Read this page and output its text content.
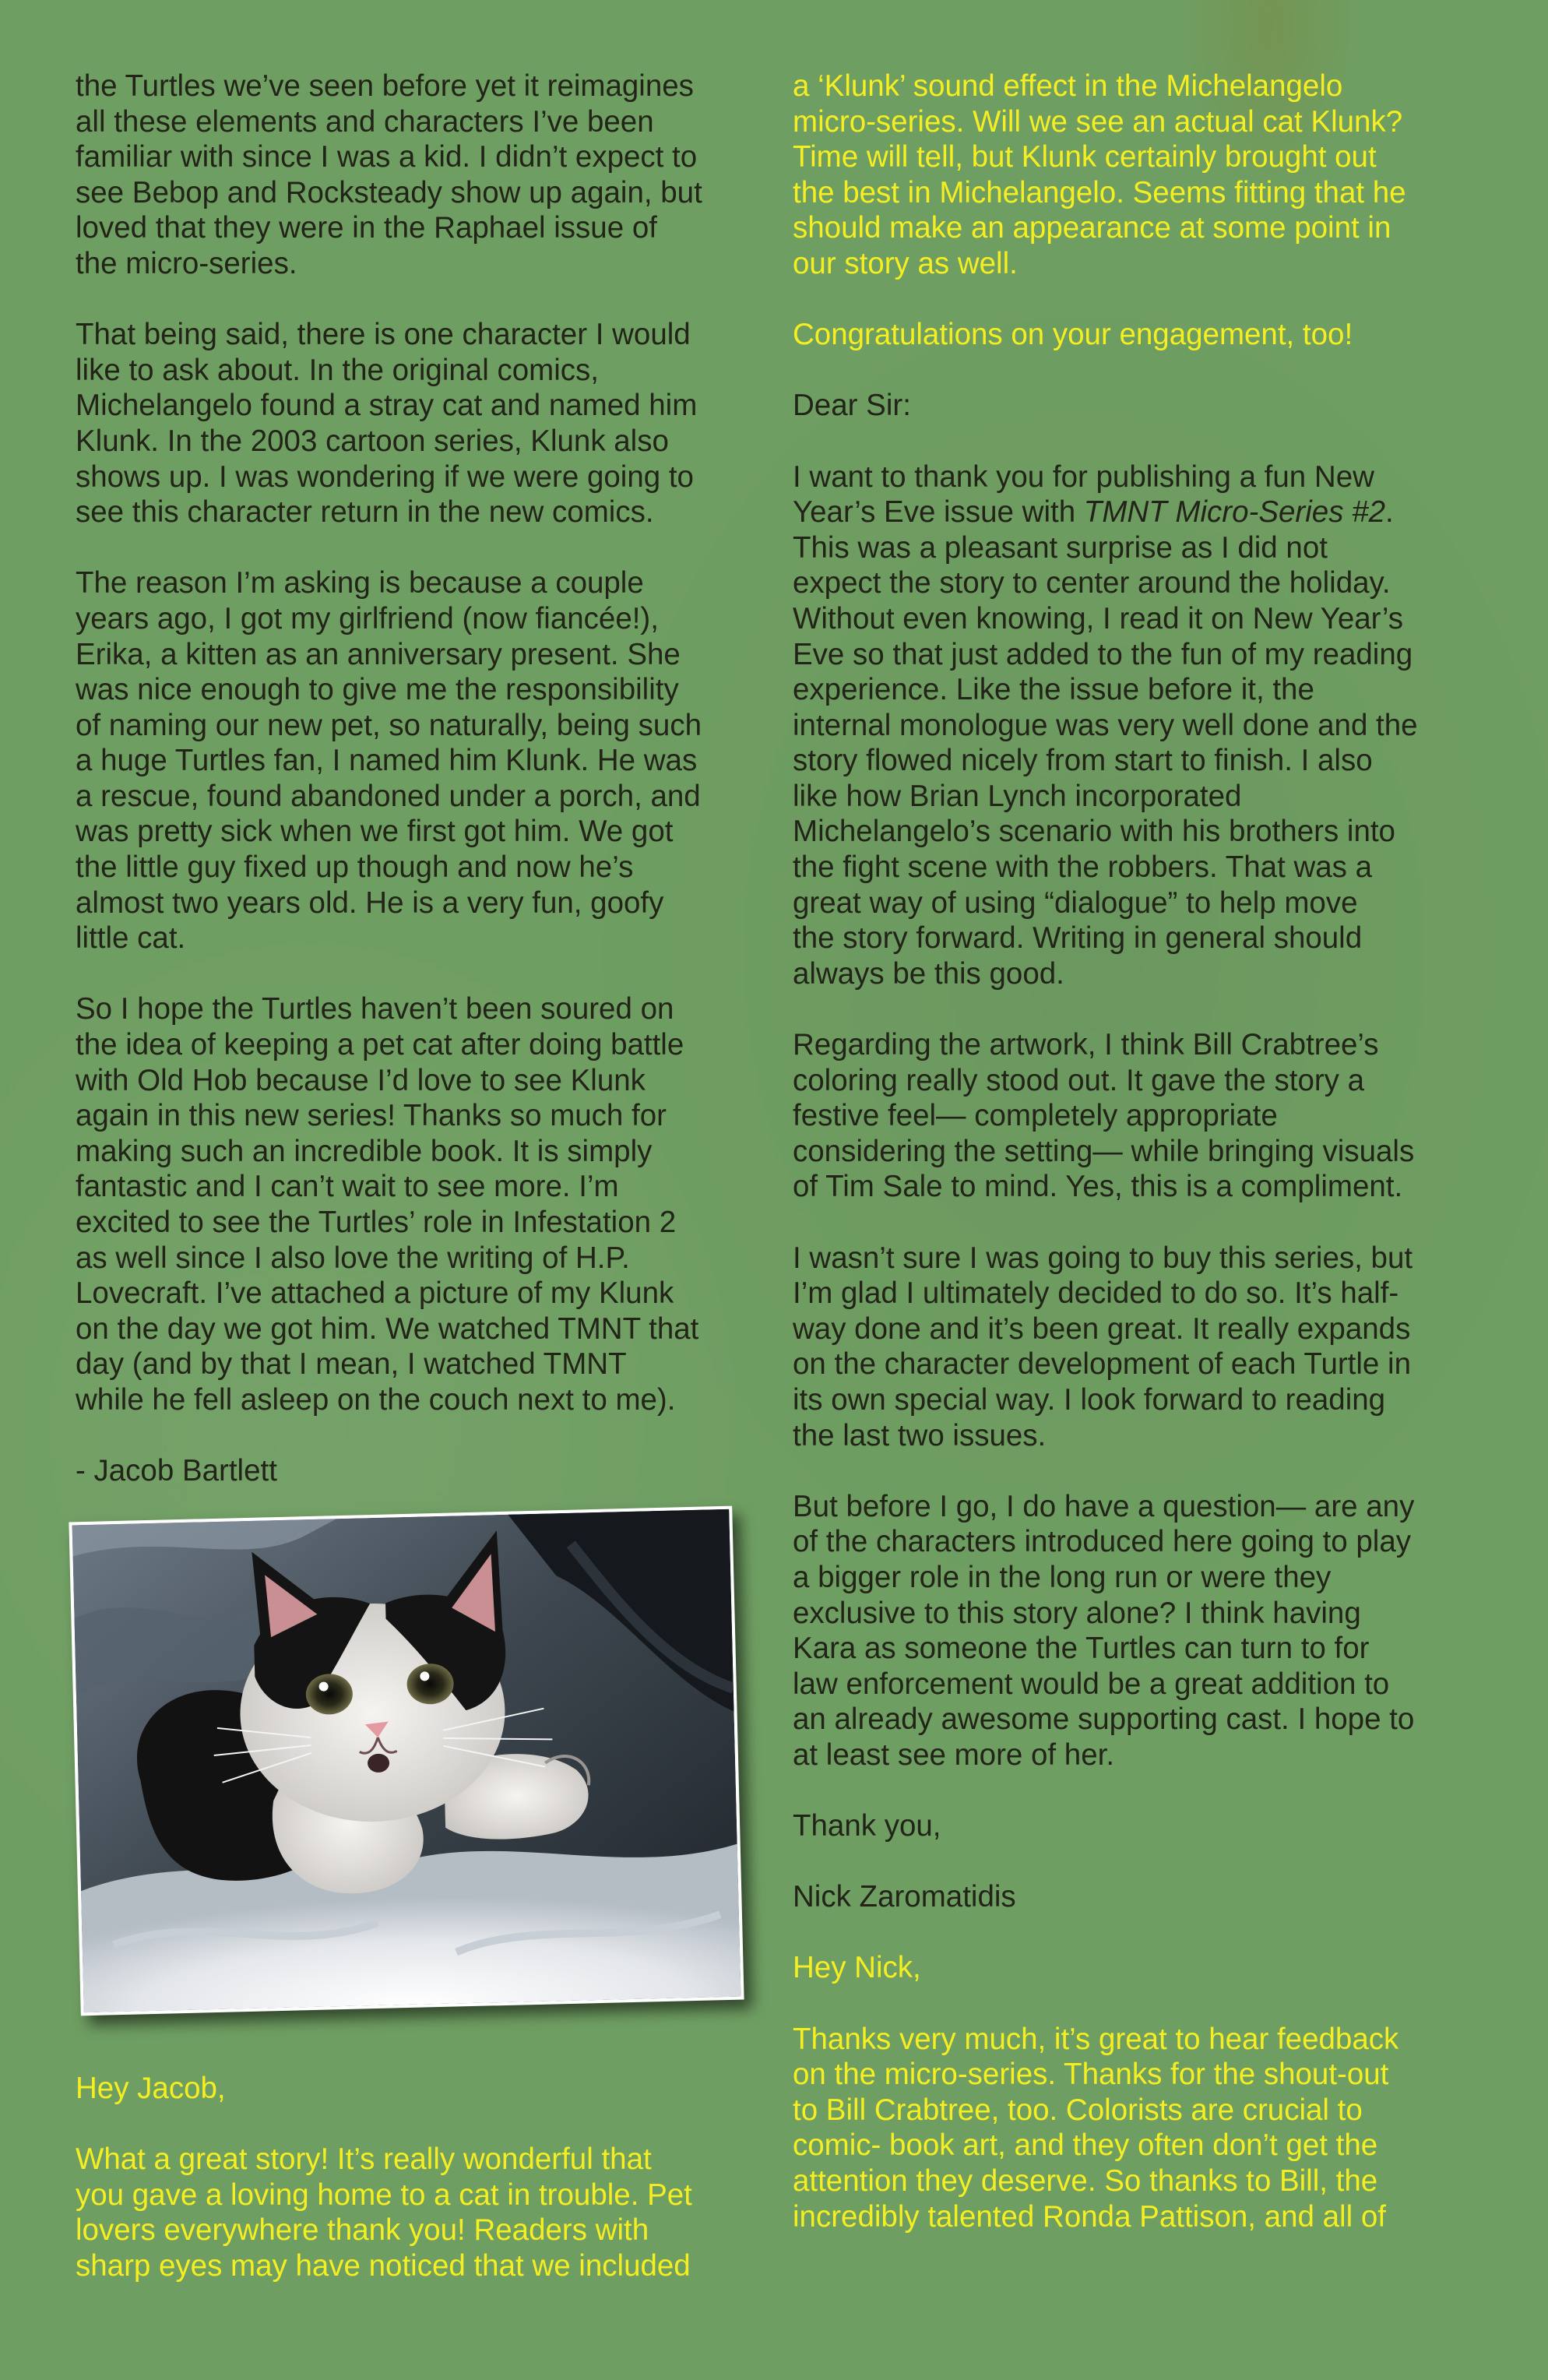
the Turtles we’ve seen before yet it reimagines
all these elements and characters I’ve been
familiar with since I was a kid. I didn’t expect to
see Bebop and Rocksteady show up again, but
loved that they were in the Raphael issue of
the micro-series.

That being said, there is one character I would
like to ask about. In the original comics,
Michelangelo found a stray cat and named him
Klunk. In the 2003 cartoon series, Klunk also
shows up. I was wondering if we were going to
see this character return in the new comics.

The reason I’m asking is because a couple
years ago, I got my girlfriend (now fiancée!),
Erika, a kitten as an anniversary present. She
was nice enough to give me the responsibility
of naming our new pet, so naturally, being such
a huge Turtles fan, I named him Klunk. He was
a rescue, found abandoned under a porch, and
was pretty sick when we first got him. We got
the little guy fixed up though and now he’s
almost two years old. He is a very fun, goofy
little cat.

So I hope the Turtles haven’t been soured on
the idea of keeping a pet cat after doing battle
with Old Hob because I’d love to see Klunk
again in this new series! Thanks so much for
making such an incredible book. It is simply
fantastic and I can’t wait to see more. I’m
excited to see the Turtles’ role in Infestation 2
as well since I also love the writing of H.P.
Lovecraft. I’ve attached a picture of my Klunk
on the day we got him. We watched TMNT that
day (and by that I mean, I watched TMNT
while he fell asleep on the couch next to me).

- Jacob Bartlett

Hey Jacob,

What a great story! It’s really wonderful that
you gave a loving home to a cat in trouble. Pet
lovers everywhere thank you! Readers with
sharp eyes may have noticed that we included

a ‘Klunk’ sound effect in the Michelangelo
micro-series. Will we see an actual cat Klunk?
Time will tell, but Klunk certainly brought out
the best in Michelangelo. Seems fitting that he
should make an appearance at some point in
our story as well.

Congratulations on your engagement, too!

Dear Sir:

I want to thank you for publishing a fun New
Year’s Eve issue with TMNT Micro-Series #2.
This was a pleasant surprise as I did not
expect the story to center around the holiday.
Without even knowing, I read it on New Year’s
Eve so that just added to the fun of my reading
experience. Like the issue before it, the
internal monologue was very well done and the
story flowed nicely from start to finish. I also
like how Brian Lynch incorporated
Michelangelo’s scenario with his brothers into
the fight scene with the robbers. That was a
great way of using “dialogue” to help move
the story forward. Writing in general should
always be this good.

Regarding the artwork, I think Bill Crabtree’s
coloring really stood out. It gave the story a
festive feel— completely appropriate
considering the setting— while bringing visuals
of Tim Sale to mind. Yes, this is a compliment.

I wasn’t sure I was going to buy this series, but
I’m glad I ultimately decided to do so. It’s half-
way done and it’s been great. It really expands
on the character development of each Turtle in
its own special way. I look forward to reading
the last two issues.

But before I go, I do have a question— are any
of the characters introduced here going to play
a bigger role in the long run or were they
exclusive to this story alone? I think having
Kara as someone the Turtles can turn to for
law enforcement would be a great addition to
an already awesome supporting cast. I hope to
at least see more of her.

Thank you,

Nick Zaromatidis

Hey Nick,

Thanks very much, it’s great to hear feedback
on the micro-series. Thanks for the shout-out
to Bill Crabtree, too. Colorists are crucial to
comic- book art, and they often don’t get the
attention they deserve. So thanks to Bill, the
incredibly talented Ronda Pattison, and all of
